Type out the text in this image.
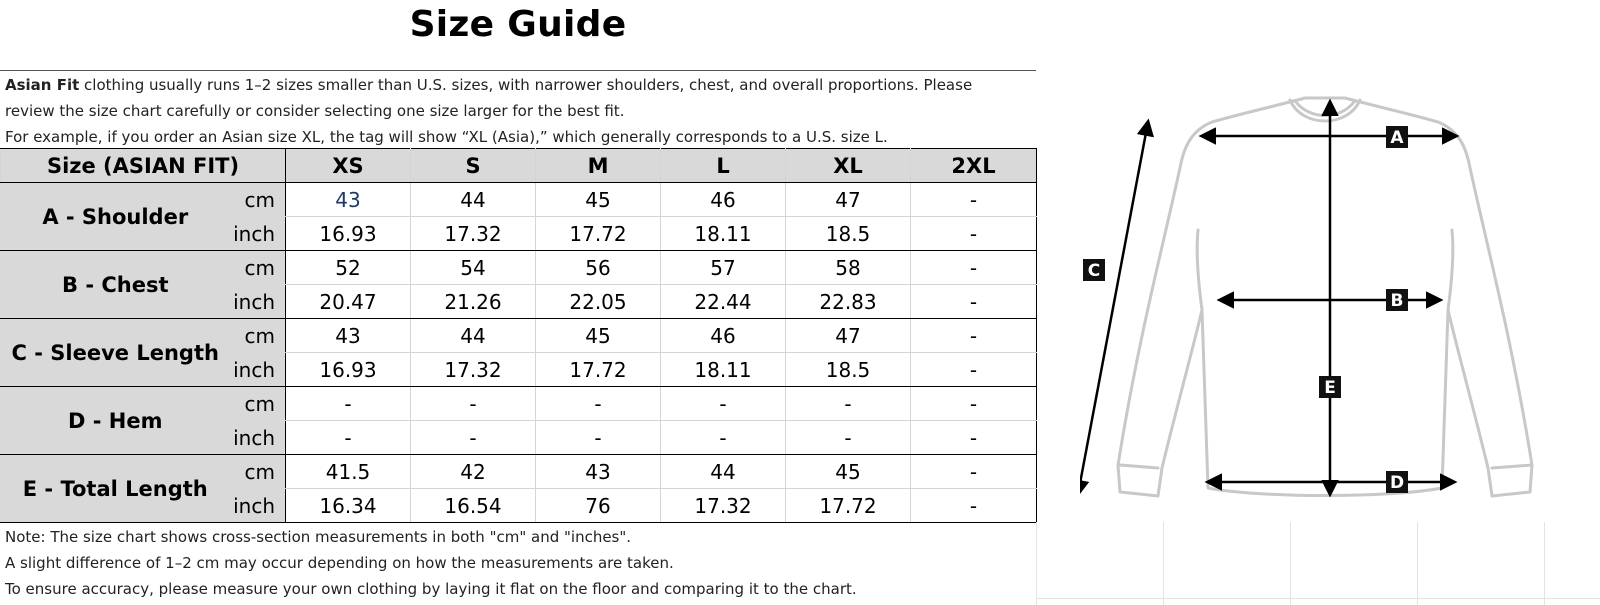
Size Guide

Asian Fit clothing usually runs 1–2 sizes smaller than U.S. sizes, with narrower shoulders, chest, and overall proportions. Please review the size chart carefully or consider selecting one size larger for the best fit.

For example, if you order an Asian size XL, the tag will show “XL (Asia),” which generally corresponds to a U.S. size L.

Size (ASIAN FIT)		XS	S	M	L	XL	2XL
A - Shoulder	cm	43	44	45	46	47	-
	inch	16.93	17.32	17.72	18.11	18.5	-
B - Chest	cm	52	54	56	57	58	-
	inch	20.47	21.26	22.05	22.44	22.83	-
C - Sleeve Length	cm	43	44	45	46	47	-
	inch	16.93	17.32	17.72	18.11	18.5	-
D - Hem	cm	-	-	-	-	-	-
	inch	-	-	-	-	-	-
E - Total Length	cm	41.5	42	43	44	45	-
	inch	16.34	16.54	76	17.32	17.72	-

Note: The size chart shows cross-section measurements in both "cm" and "inches".

A slight difference of 1–2 cm may occur depending on how the measurements are taken.

To ensure accuracy, please measure your own clothing by laying it flat on the floor and comparing it to the chart.

A
B
C
D
E
